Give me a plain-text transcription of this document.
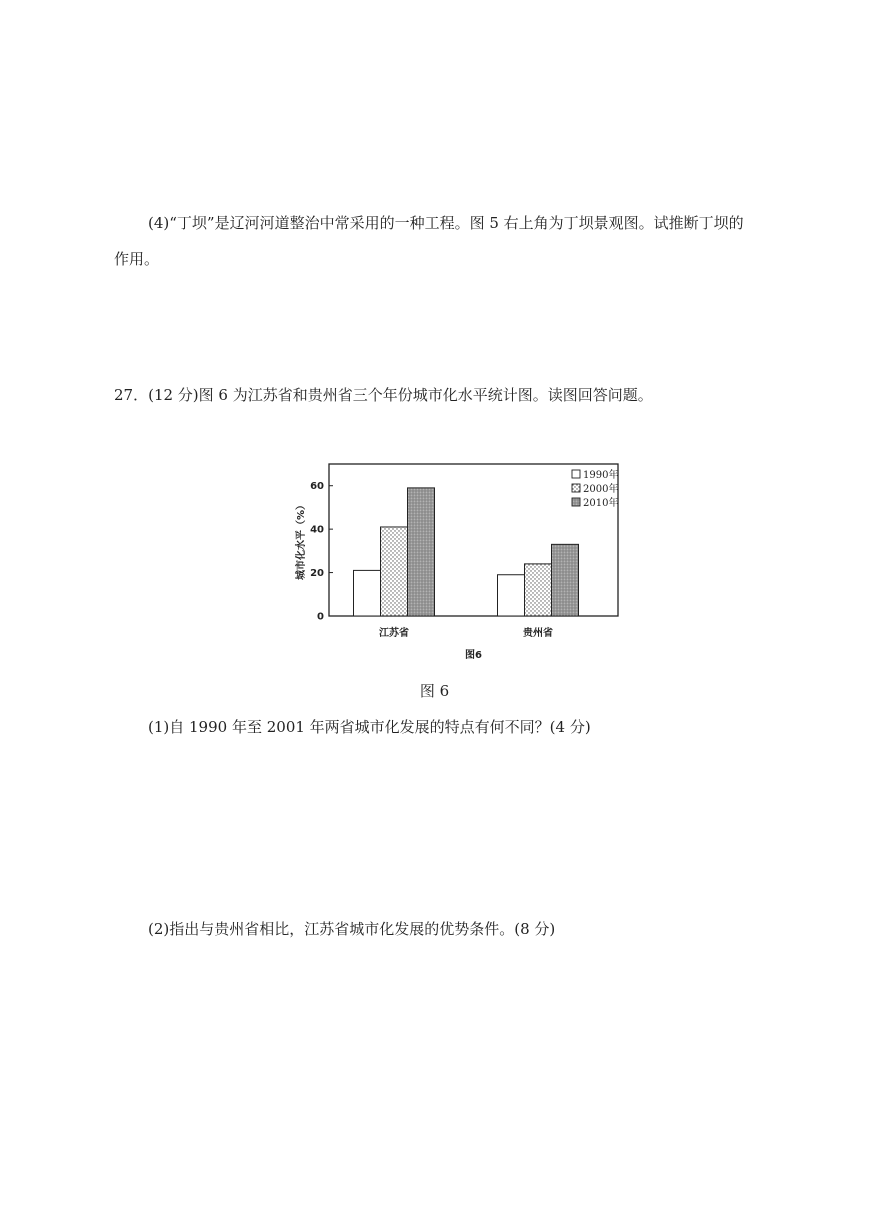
(4)“丁坝”是辽河河道整治中常采用的一种工程。图 5 右上角为丁坝景观图。试推断丁坝的
作用。
27．(12 分)图 6 为江苏省和贵州省三个年份城市化水平统计图。读图回答问题。
0
20
40
60
城市化水平（%）
江苏省	贵州省
1990年
2000年
2010年
图6
图 6
(1)自 1990 年至 2001 年两省城市化发展的特点有何不同？(4 分)
(2)指出与贵州省相比，江苏省城市化发展的优势条件。(8 分)
